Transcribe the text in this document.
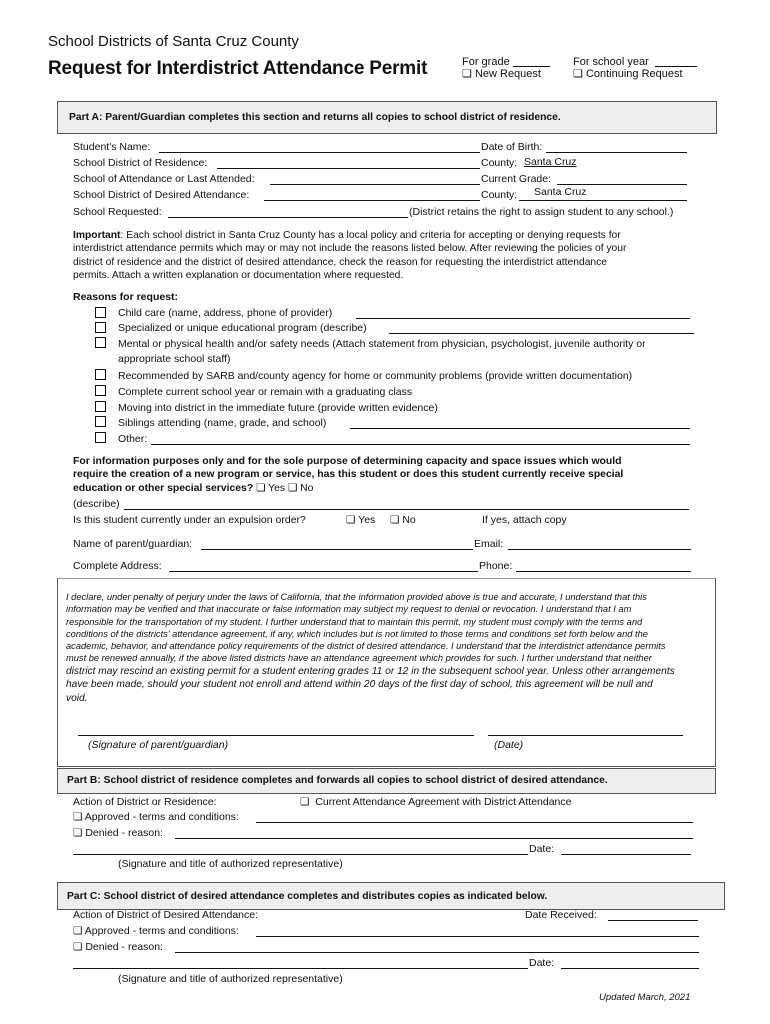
School Districts of Santa Cruz County
Request for Interdistrict Attendance Permit	For grade
❏ New Request
For school year
❏ Continuing Request
Part A: Parent/Guardian completes this section and returns all copies to school district of residence.
Student's Name:	Date of Birth:
School District of Residence:	County: Santa Cruz
School of Attendance or Last Attended:	Current Grade:
School District of Desired Attendance:	County: Santa Cruz
School Requested:	(District retains the right to assign student to any school.)
Important: Each school district in Santa Cruz County has a local policy and criteria for accepting or denying requests for
interdistrict attendance permits which may or may not include the reasons listed below. After reviewing the policies of your
district of residence and the district of desired attendance, check the reason for requesting the interdistrict attendance
permits. Attach a written explanation or documentation where requested.
Reasons for request:
Child care (name, address, phone of provider)
Specialized or unique educational program (describe)
Mental or physical health and/or safety needs (Attach statement from physician, psychologist, juvenile authority or
appropriate school staff)
Recommended by SARB and/county agency for home or community problems (provide written documentation)
Complete current school year or remain with a graduating class
Moving into district in the immediate future (provide written evidence)
Siblings attending (name, grade, and school)
Other:
For information purposes only and for the sole purpose of determining capacity and space issues which would
require the creation of a new program or service, has this student or does this student currently receive special
education or other special services? ❏ Yes ❏ No
(describe)
Is this student currently under an expulsion order?	❏ Yes ❏ No	If yes, attach copy
Name of parent/guardian:	Email:
Complete Address:	Phone:
I declare, under penalty of perjury under the laws of California, that the information provided above is true and accurate, I understand that this
information may be verified and that inaccurate or false information may subject my request to denial or revocation. I understand that I am
responsible for the transportation of my student. I further understand that to maintain this permit, my student must comply with the terms and
conditions of the districts' attendance agreement, if any, which includes but is not limited to those terms and conditions set forth below and the
academic, behavior, and attendance policy requirements of the district of desired attendance. I understand that the interdistrict attendance permits
must be renewed annually, if the above listed districts have an attendance agreement which provides for such. I further understand that neither
district may rescind an existing permit for a student entering grades 11 or 12 in the subsequent school year. Unless other arrangements
have been made, should your student not enroll and attend within 20 days of the first day of school, this agreement will be null and
void.
(Signature of parent/guardian)	(Date)
Part B: School district of residence completes and forwards all copies to school district of desired attendance.
Action of District or Residence:	❏ Current Attendance Agreement with District Attendance
❏ Approved - terms and conditions:
❏ Denied - reason:
Date:
(Signature and title of authorized representative)
Part C: School district of desired attendance completes and distributes copies as indicated below.
Action of District of Desired Attendance:	Date Received:
❏ Approved - terms and conditions:
❏ Denied - reason:
Date:
(Signature and title of authorized representative)
Updated March, 2021
